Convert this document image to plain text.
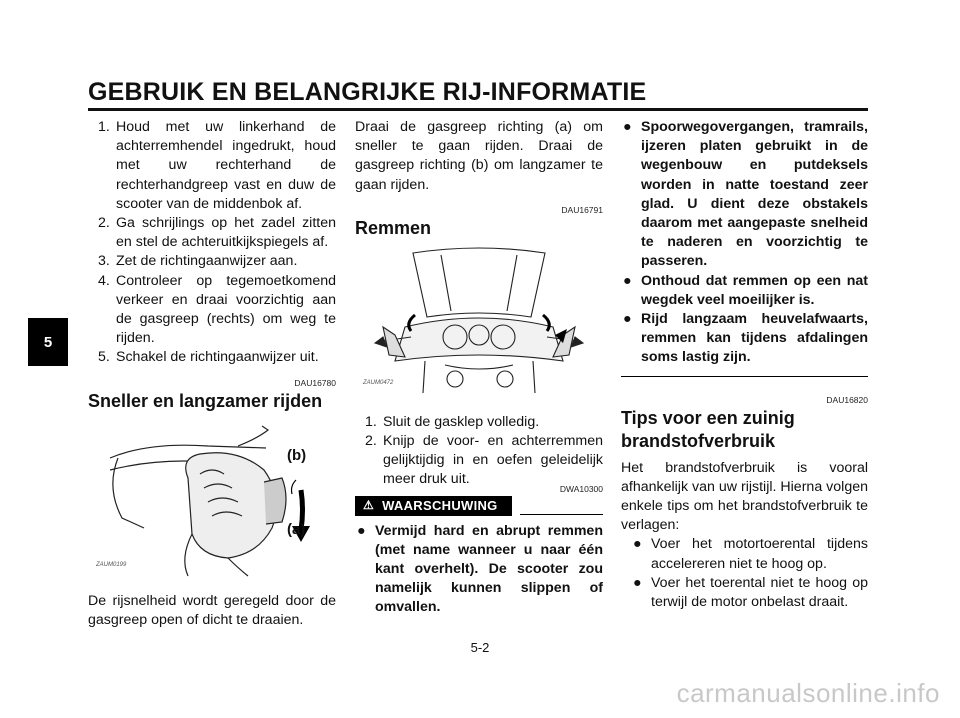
GEBRUIK EN BELANGRIJKE RIJ-INFORMATIE
5
1. Houd met uw linkerhand de achterremhendel ingedrukt, houd met uw rechterhand de rechterhandgreep vast en duw de scooter van de middenbok af.
2. Ga schrijlings op het zadel zitten en stel de achteruitkijkspiegels af.
3. Zet de richtingaanwijzer aan.
4. Controleer op tegemoetkomend verkeer en draai voorzichtig aan de gasgreep (rechts) om weg te rijden.
5. Schakel de richtingaanwijzer uit.
DAU16780
Sneller en langzamer rijden
(b)
(a)
ZAUM0199

De rijsnelheid wordt geregeld door de gasgreep open of dicht te draaien.

Draai de gasgreep richting (a) om sneller te gaan rijden. Draai de gasgreep richting (b) om langzamer te gaan rijden.

DAU16791
Remmen
ZAUM0472
1. Sluit de gasklep volledig.
2. Knijp de voor- en achterremmen gelijktijdig in en oefen geleidelijk meer druk uit.
DWA10300
⚠ WAARSCHUWING
● Vermijd hard en abrupt remmen (met name wanneer u naar één kant overhelt). De scooter zou namelijk kunnen slippen of omvallen.
● Spoorwegovergangen, tramrails, ijzeren platen gebruikt in de wegenbouw en putdeksels worden in natte toestand zeer glad. U dient deze obstakels daarom met aangepaste snelheid te naderen en voorzichtig te passeren.
● Onthoud dat remmen op een nat wegdek veel moeilijker is.
● Rijd langzaam heuvelafwaarts, remmen kan tijdens afdalingen soms lastig zijn.
DAU16820
Tips voor een zuinig brandstofverbruik

Het brandstofverbruik is vooral afhankelijk van uw rijstijl. Hierna volgen enkele tips om het brandstofverbruik te verlagen:

● Voer het motortoerental tijdens accelereren niet te hoog op.
● Voer het toerental niet te hoog op terwijl de motor onbelast draait.
5-2
carmanualsonline.info
